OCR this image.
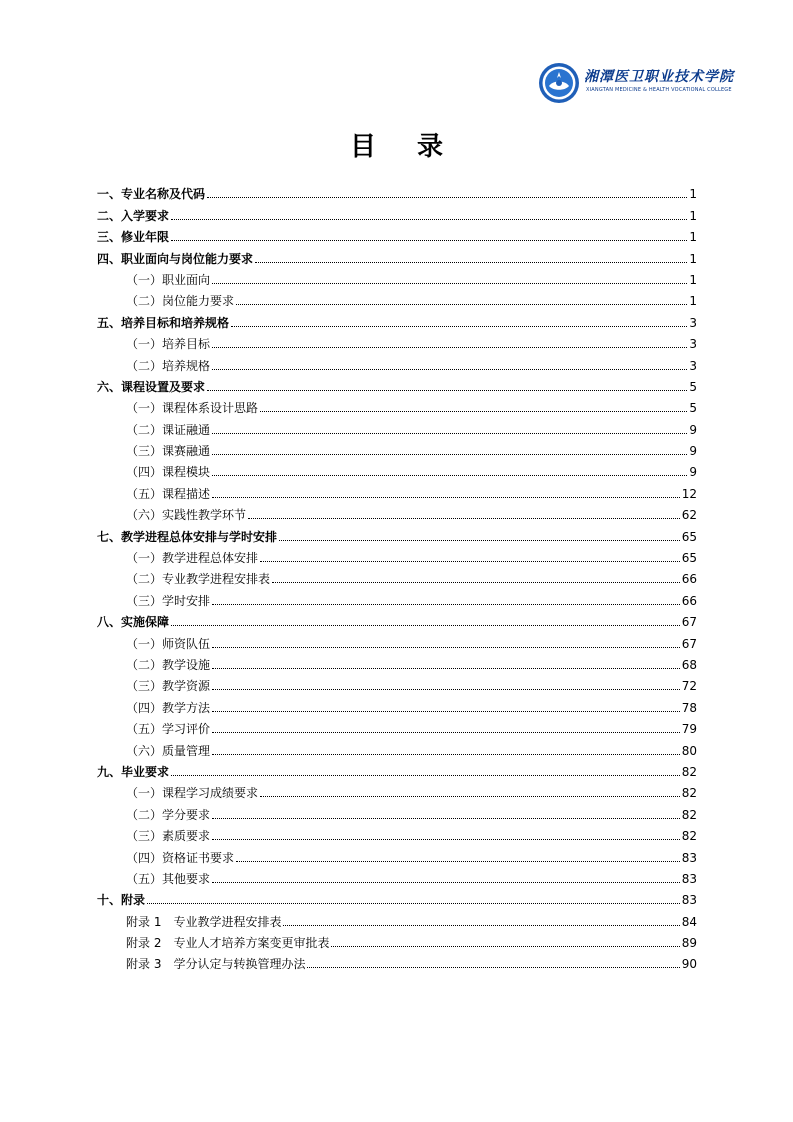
湘潭医卫职业技术学院
XIANGTAN MEDICINE & HEALTH VOCATIONAL COLLEGE
目 录
一、专业名称及代码	1
二、入学要求	1
三、修业年限	1
四、职业面向与岗位能力要求	1
（一）职业面向	1
（二）岗位能力要求	1
五、培养目标和培养规格	3
（一）培养目标	3
（二）培养规格	3
六、课程设置及要求	5
（一）课程体系设计思路	5
（二）课证融通	9
（三）课赛融通	9
（四）课程模块	9
（五）课程描述	12
（六）实践性教学环节	62
七、教学进程总体安排与学时安排	65
（一）教学进程总体安排	65
（二）专业教学进程安排表	66
（三）学时安排	66
八、实施保障	67
（一）师资队伍	67
（二）教学设施	68
（三）教学资源	72
（四）教学方法	78
（五）学习评价	79
（六）质量管理	80
九、毕业要求	82
（一）课程学习成绩要求	82
（二）学分要求	82
（三）素质要求	82
（四）资格证书要求	83
（五）其他要求	83
十、附录	83
附录 1　专业教学进程安排表	84
附录 2　专业人才培养方案变更审批表	89
附录 3　学分认定与转换管理办法	90
